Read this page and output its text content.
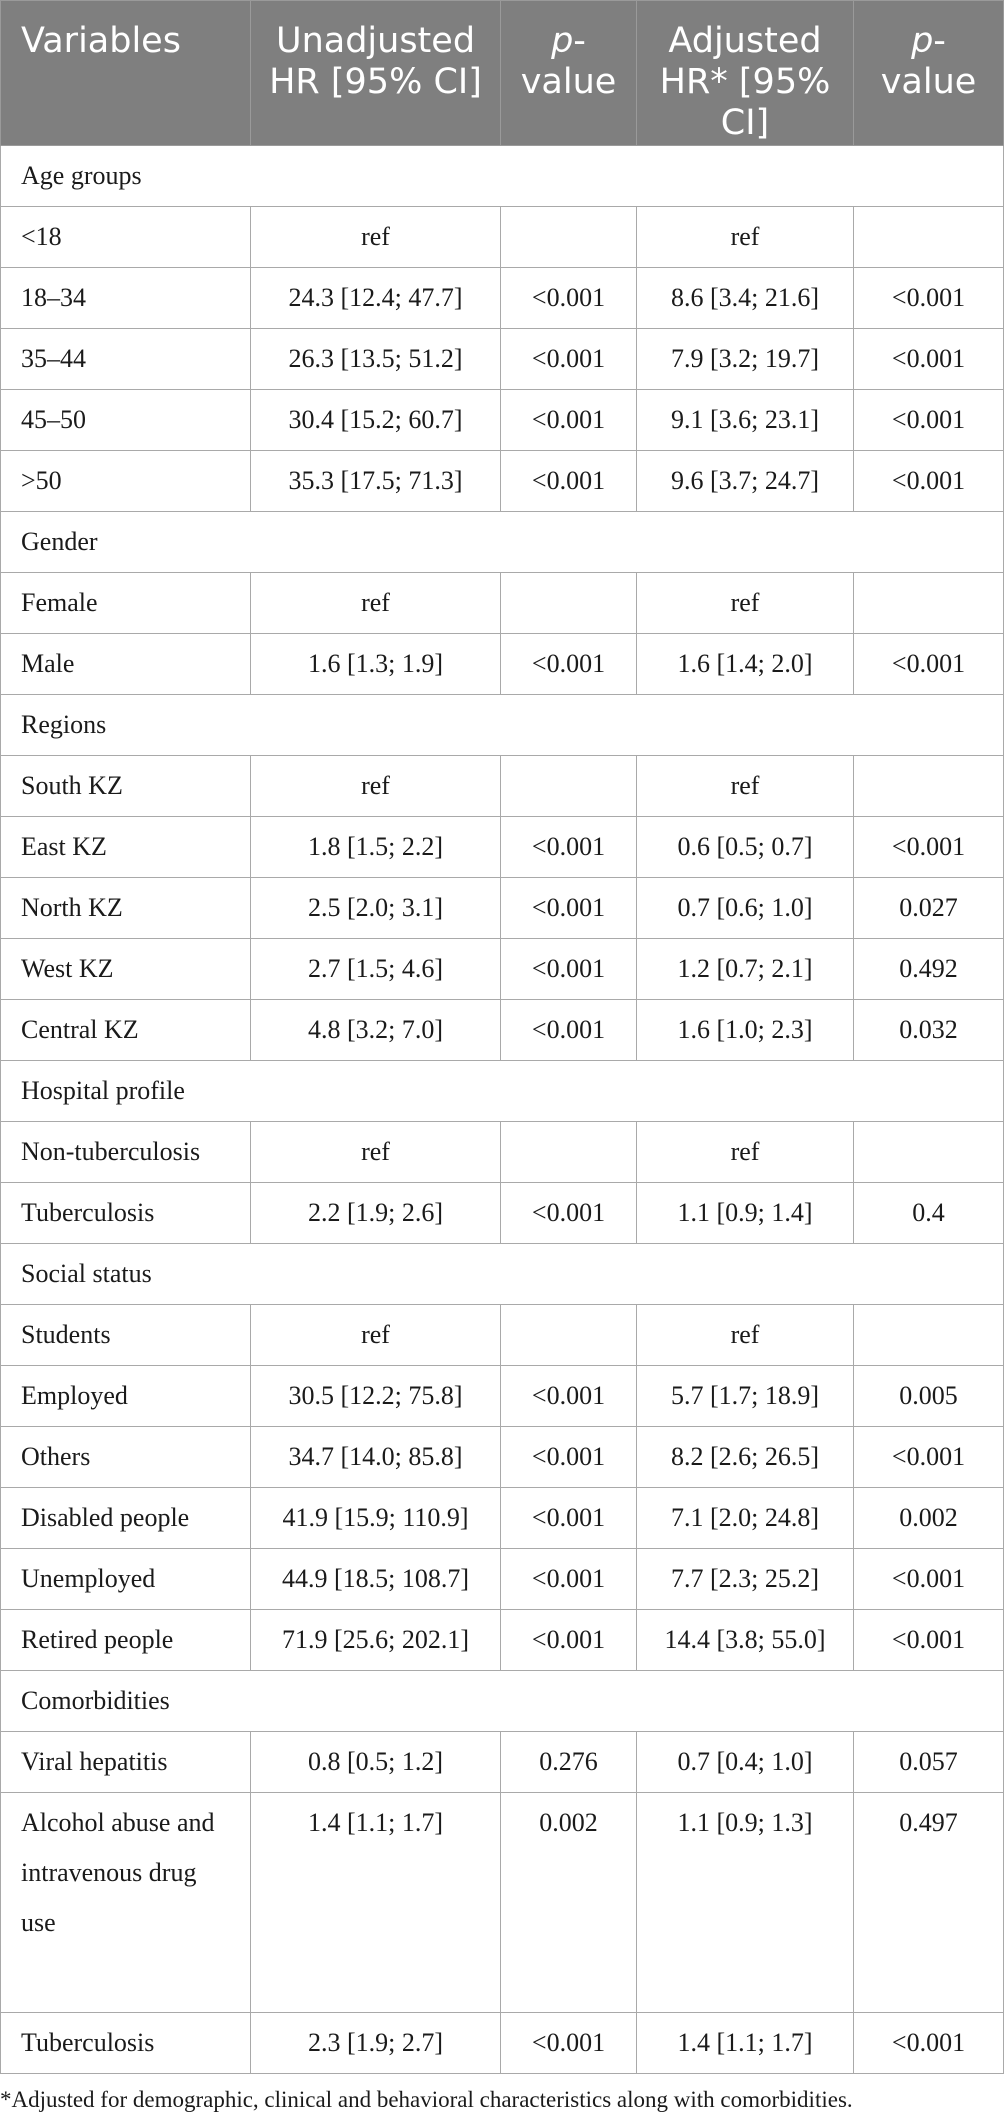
Variables	Unadjusted HR [95% CI]	p-value	Adjusted HR* [95% CI]	p-value
Age groups				
<18	ref		ref	
18–34	24.3 [12.4; 47.7]	<0.001	8.6 [3.4; 21.6]	<0.001
35–44	26.3 [13.5; 51.2]	<0.001	7.9 [3.2; 19.7]	<0.001
45–50	30.4 [15.2; 60.7]	<0.001	9.1 [3.6; 23.1]	<0.001
>50	35.3 [17.5; 71.3]	<0.001	9.6 [3.7; 24.7]	<0.001
Gender				
Female	ref		ref	
Male	1.6 [1.3; 1.9]	<0.001	1.6 [1.4; 2.0]	<0.001
Regions				
South KZ	ref		ref	
East KZ	1.8 [1.5; 2.2]	<0.001	0.6 [0.5; 0.7]	<0.001
North KZ	2.5 [2.0; 3.1]	<0.001	0.7 [0.6; 1.0]	0.027
West KZ	2.7 [1.5; 4.6]	<0.001	1.2 [0.7; 2.1]	0.492
Central KZ	4.8 [3.2; 7.0]	<0.001	1.6 [1.0; 2.3]	0.032
Hospital profile				
Non-tuberculosis	ref		ref	
Tuberculosis	2.2 [1.9; 2.6]	<0.001	1.1 [0.9; 1.4]	0.4
Social status				
Students	ref		ref	
Employed	30.5 [12.2; 75.8]	<0.001	5.7 [1.7; 18.9]	0.005
Others	34.7 [14.0; 85.8]	<0.001	8.2 [2.6; 26.5]	<0.001
Disabled people	41.9 [15.9; 110.9]	<0.001	7.1 [2.0; 24.8]	0.002
Unemployed	44.9 [18.5; 108.7]	<0.001	7.7 [2.3; 25.2]	<0.001
Retired people	71.9 [25.6; 202.1]	<0.001	14.4 [3.8; 55.0]	<0.001
Comorbidities				
Viral hepatitis	0.8 [0.5; 1.2]	0.276	0.7 [0.4; 1.0]	0.057
Alcohol abuse and intravenous drug use	1.4 [1.1; 1.7]	0.002	1.1 [0.9; 1.3]	0.497
Tuberculosis	2.3 [1.9; 2.7]	<0.001	1.4 [1.1; 1.7]	<0.001
*Adjusted for demographic, clinical and behavioral characteristics along with comorbidities.
